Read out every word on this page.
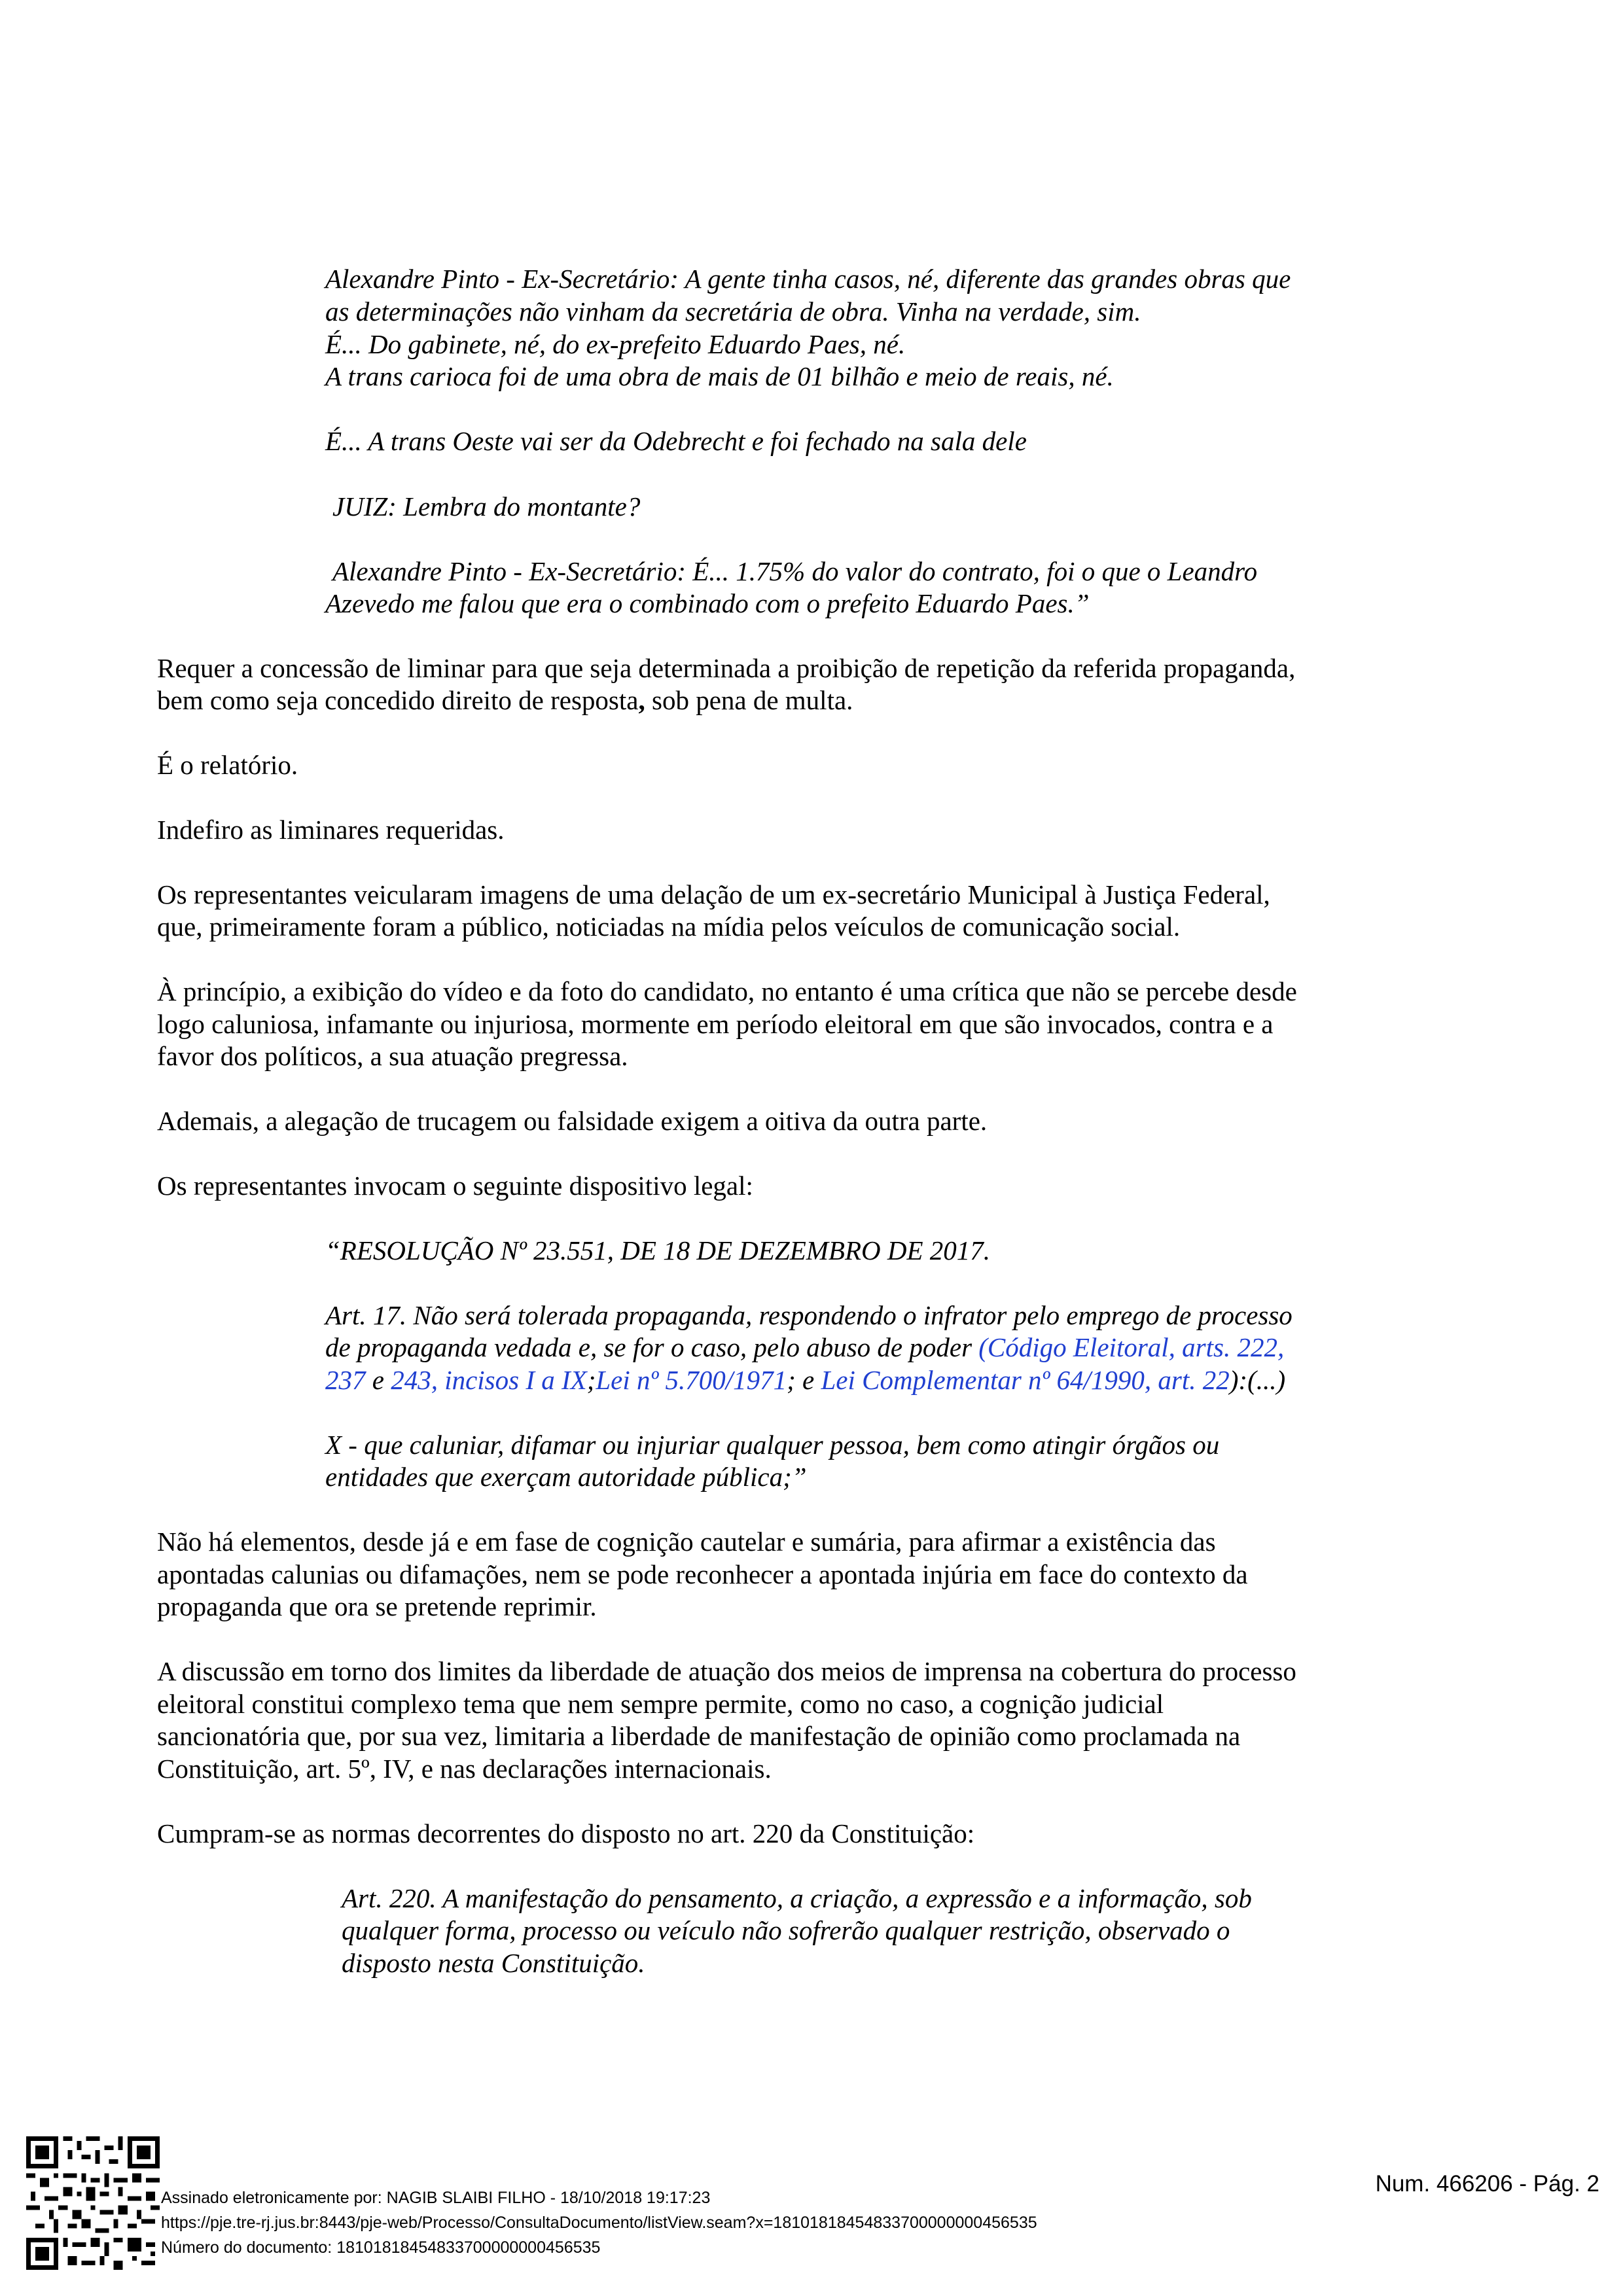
Alexandre Pinto - Ex-Secretário: A gente tinha casos, né, diferente das grandes obras que

as determinações não vinham da secretária de obra. Vinha na verdade, sim.

É... Do gabinete, né, do ex-prefeito Eduardo Paes, né.

A trans carioca foi de uma obra de mais de 01 bilhão e meio de reais, né.

É... A trans Oeste vai ser da Odebrecht e foi fechado na sala dele

JUIZ: Lembra do montante?

Alexandre Pinto - Ex-Secretário: É... 1.75% do valor do contrato, foi o que o Leandro

Azevedo me falou que era o combinado com o prefeito Eduardo Paes.”

Requer a concessão de liminar para que seja determinada a proibição de repetição da referida propaganda,

bem como seja concedido direito de resposta, sob pena de multa.

É o relatório.

Indefiro as liminares requeridas.

Os representantes veicularam imagens de uma delação de um ex-secretário Municipal à Justiça Federal,

que, primeiramente foram a público, noticiadas na mídia pelos veículos de comunicação social.

À princípio, a exibição do vídeo e da foto do candidato, no entanto é uma crítica que não se percebe desde

logo caluniosa, infamante ou injuriosa, mormente em período eleitoral em que são invocados, contra e a

favor dos políticos, a sua atuação pregressa.

Ademais, a alegação de trucagem ou falsidade exigem a oitiva da outra parte.

Os representantes invocam o seguinte dispositivo legal:

“RESOLUÇÃO Nº 23.551, DE 18 DE DEZEMBRO DE 2017.

Art. 17. Não será tolerada propaganda, respondendo o infrator pelo emprego de processo

de propaganda vedada e, se for o caso, pelo abuso de poder (Código Eleitoral, arts. 222,

237 e 243, incisos I a IX;Lei nº 5.700/1971; e Lei Complementar nº 64/1990, art. 22):(...)

X - que caluniar, difamar ou injuriar qualquer pessoa, bem como atingir órgãos ou

entidades que exerçam autoridade pública;”

Não há elementos, desde já e em fase de cognição cautelar e sumária, para afirmar a existência das

apontadas calunias ou difamações, nem se pode reconhecer a apontada injúria em face do contexto da

propaganda que ora se pretende reprimir.

A discussão em torno dos limites da liberdade de atuação dos meios de imprensa na cobertura do processo

eleitoral constitui complexo tema que nem sempre permite, como no caso, a cognição judicial

sancionatória que, por sua vez, limitaria a liberdade de manifestação de opinião como proclamada na

Constituição, art. 5º, IV, e nas declarações internacionais.

Cumpram-se as normas decorrentes do disposto no art. 220 da Constituição:

Art. 220. A manifestação do pensamento, a criação, a expressão e a informação, sob

qualquer forma, processo ou veículo não sofrerão qualquer restrição, observado o

disposto nesta Constituição.

Assinado eletronicamente por: NAGIB SLAIBI FILHO - 18/10/2018 19:17:23
https://pje.tre-rj.jus.br:8443/pje-web/Processo/ConsultaDocumento/listView.seam?x=18101818454833700000000456535
Número do documento: 18101818454833700000000456535
Num. 466206 - Pág. 2
